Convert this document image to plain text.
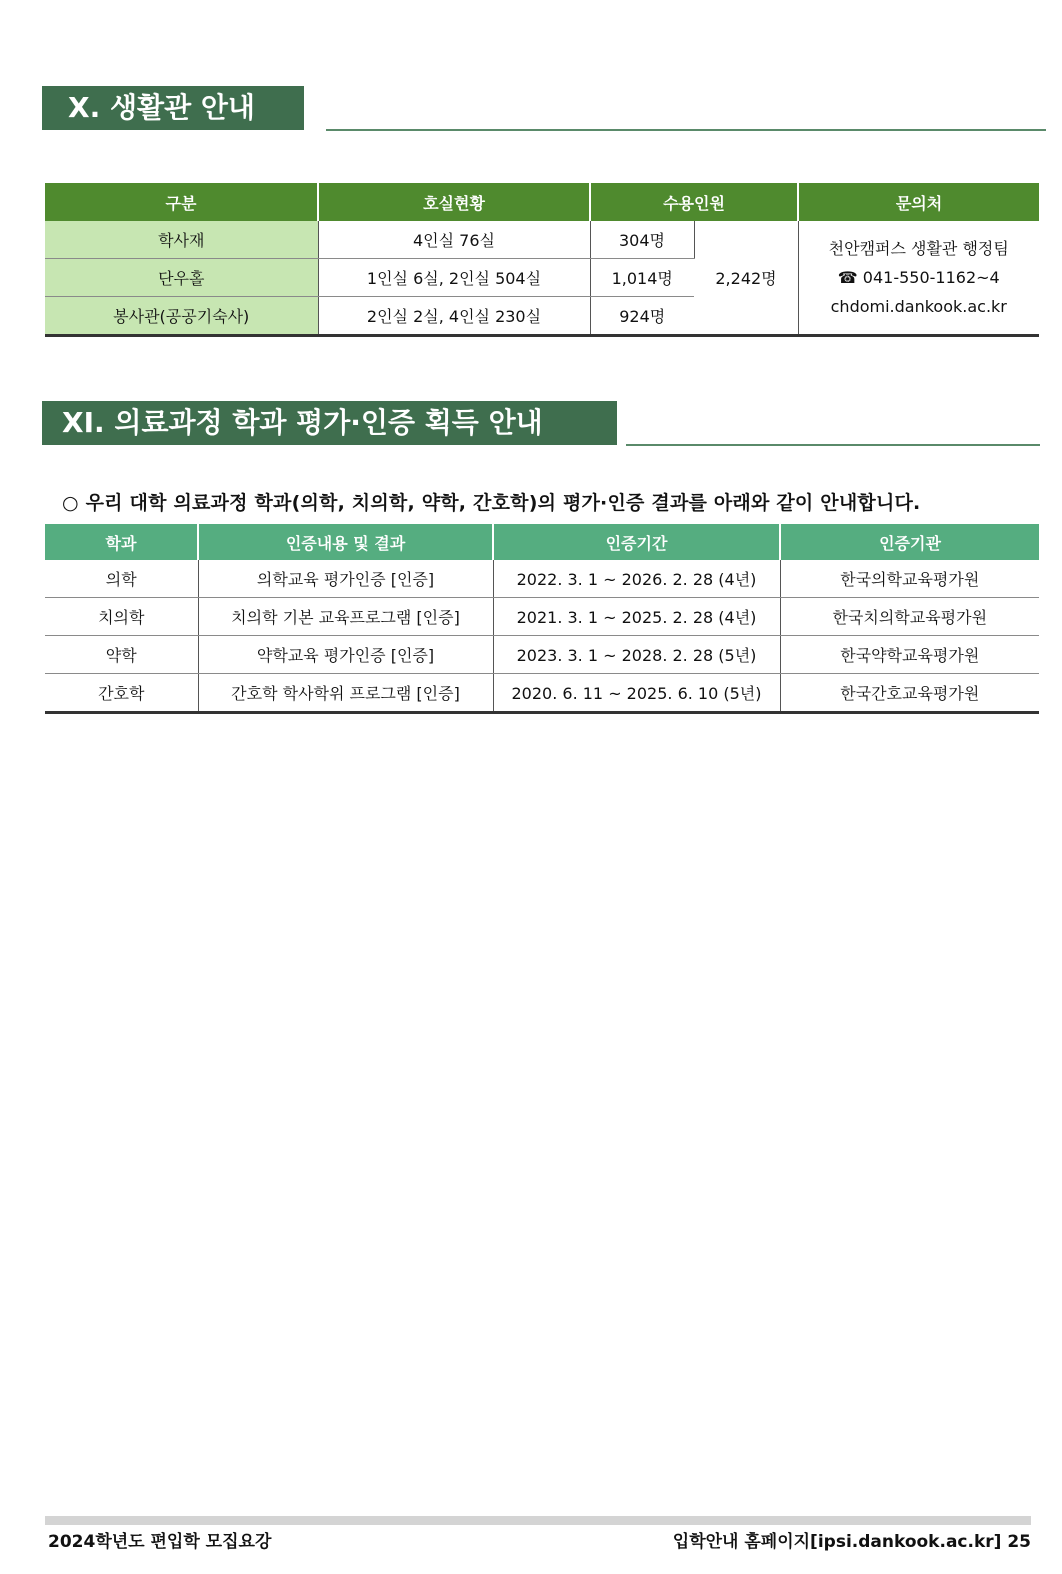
X. 생활관 안내
구분	호실현황	수용인원		문의처
학사재	4인실 76실	304명	2,242명	천안캠퍼스 생활관 행정팀
☎ 041-550-1162~4
chdomi.dankook.ac.kr

단우홀	1인실 6실, 2인실 504실	1,014명		
봉사관(공공기숙사)	2인실 2실, 4인실 230실	924명		
XI. 의료과정 학과 평가·인증 획득 안내
○ 우리 대학 의료과정 학과(의학, 치의학, 약학, 간호학)의 평가·인증 결과를 아래와 같이 안내합니다.
학과	인증내용 및 결과	인증기간	인증기관
의학	의학교육 평가인증 [인증]	2022. 3. 1 ~ 2026. 2. 28 (4년)	한국의학교육평가원
치의학	치의학 기본 교육프로그램 [인증]	2021. 3. 1 ~ 2025. 2. 28 (4년)	한국치의학교육평가원
약학	약학교육 평가인증 [인증]	2023. 3. 1 ~ 2028. 2. 28 (5년)	한국약학교육평가원
간호학	간호학 학사학위 프로그램 [인증]	2020. 6. 11 ~ 2025. 6. 10 (5년)	한국간호교육평가원
2024학년도 편입학 모집요강	입학안내 홈페이지[ipsi.dankook.ac.kr] 25
